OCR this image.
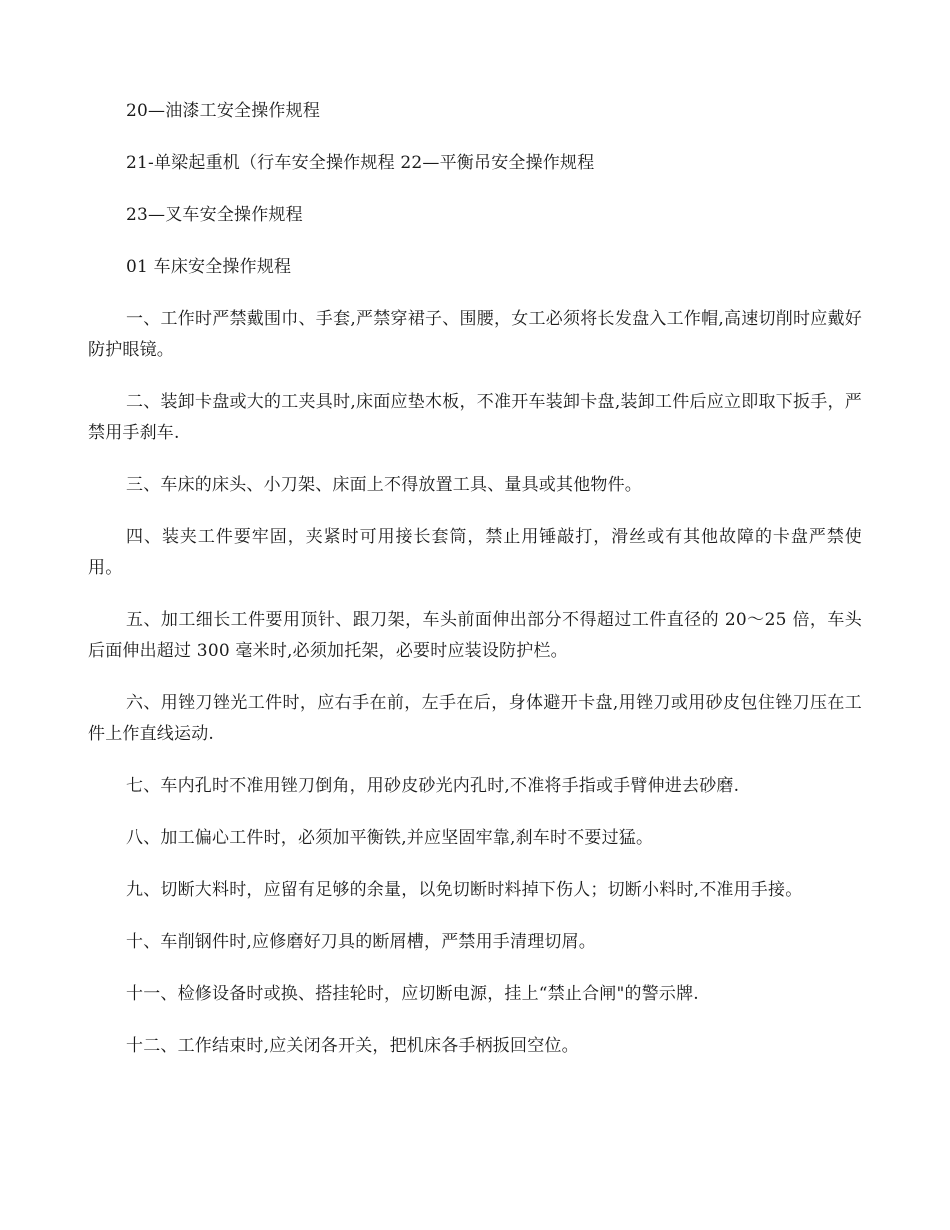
20—油漆工安全操作规程

21-单梁起重机（行车安全操作规程 22—平衡吊安全操作规程

23—叉车安全操作规程

01 车床安全操作规程

一、工作时严禁戴围巾、手套,严禁穿裙子、围腰，女工必须将长发盘入工作帽,高速切削时应戴好防护眼镜。

二、装卸卡盘或大的工夹具时,床面应垫木板，不准开车装卸卡盘,装卸工件后应立即取下扳手，严禁用手刹车.

三、车床的床头、小刀架、床面上不得放置工具、量具或其他物件。

四、装夹工件要牢固，夹紧时可用接长套筒，禁止用锤敲打，滑丝或有其他故障的卡盘严禁使用。

五、加工细长工件要用顶针、跟刀架，车头前面伸出部分不得超过工件直径的 20～25 倍，车头后面伸出超过 300 毫米时,必须加托架，必要时应装设防护栏。

六、用锉刀锉光工件时，应右手在前，左手在后，身体避开卡盘,用锉刀或用砂皮包住锉刀压在工件上作直线运动.

七、车内孔时不准用锉刀倒角，用砂皮砂光内孔时,不准将手指或手臂伸进去砂磨.

八、加工偏心工件时，必须加平衡铁,并应坚固牢靠,刹车时不要过猛。

九、切断大料时，应留有足够的余量，以免切断时料掉下伤人；切断小料时,不准用手接。

十、车削钢件时,应修磨好刀具的断屑槽，严禁用手清理切屑。

十一、检修设备时或换、搭挂轮时，应切断电源，挂上“禁止合闸"的警示牌.

十二、工作结束时,应关闭各开关，把机床各手柄扳回空位。
